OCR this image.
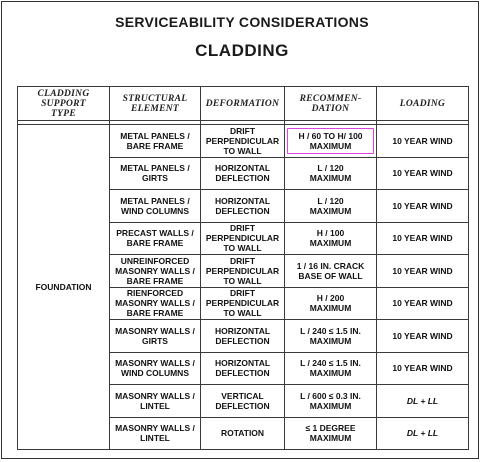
SERVICEABILITY CONSIDERATIONS
CLADDING
CLADDING
SUPPORT
TYPE	STRUCTURAL
ELEMENT	DEFORMATION	RECOMMEN-
DATION	LOADING

FOUNDATION	METAL PANELS /
BARE FRAME	DRIFT
PERPENDICULAR
TO WALL	H / 60 TO H/ 100
MAXIMUM	10 YEAR WIND
	METAL PANELS /
GIRTS	HORIZONTAL
DEFLECTION	L / 120
MAXIMUM	10 YEAR WIND
	METAL PANELS /
WIND COLUMNS	HORIZONTAL
DEFLECTION	L / 120
MAXIMUM	10 YEAR WIND
	PRECAST WALLS /
BARE FRAME	DRIFT
PERPENDICULAR
TO WALL	H / 100
MAXIMUM	10 YEAR WIND
	UNREINFORCED
MASONRY WALLS /
BARE FRAME	DRIFT
PERPENDICULAR
TO WALL	1 / 16 IN. CRACK
BASE OF WALL	10 YEAR WIND
	RIENFORCED
MASONRY WALLS /
BARE FRAME	DRIFT
PERPENDICULAR
TO WALL	H / 200
MAXIMUM	10 YEAR WIND
	MASONRY WALLS /
GIRTS	HORIZONTAL
DEFLECTION	L / 240 ≤ 1.5 IN.
MAXIMUM	10 YEAR WIND
	MASONRY WALLS /
WIND COLUMNS	HORIZONTAL
DEFLECTION	L / 240 ≤ 1.5 IN.
MAXIMUM	10 YEAR WIND
	MASONRY WALLS /
LINTEL	VERTICAL
DEFLECTION	L / 600 ≤ 0.3 IN.
MAXIMUM	DL + LL
	MASONRY WALLS /
LINTEL	ROTATION	≤ 1 DEGREE
MAXIMUM	DL + LL
